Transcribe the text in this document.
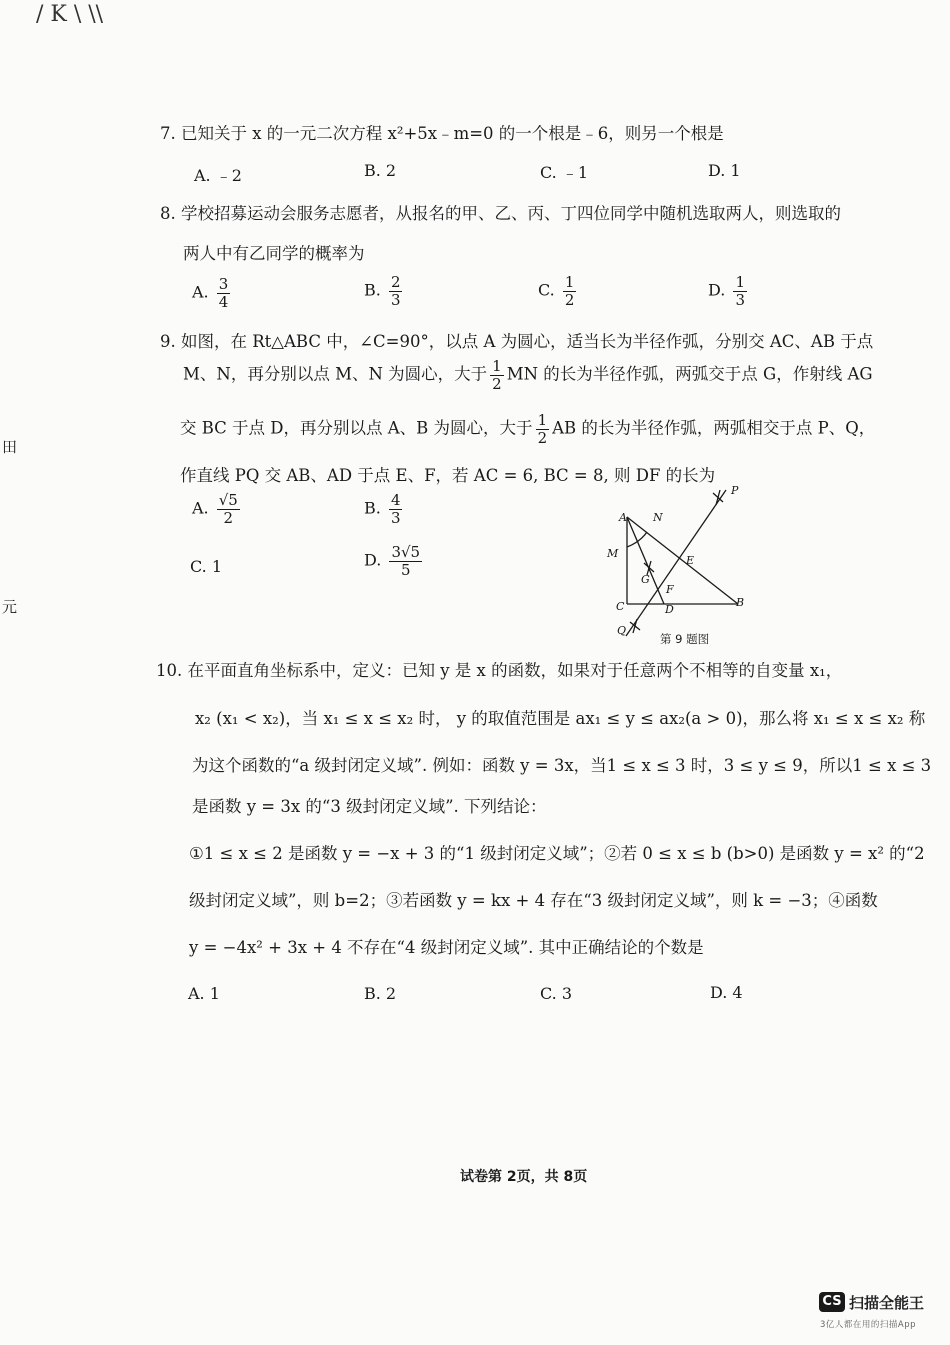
/ K \ \\
田
元
7. 已知关于 x 的一元二次方程 x²+5x﹣m=0 的一个根是﹣6，则另一个根是
A. ﹣2	B. 2	C. ﹣1	D. 1
8. 学校招募运动会服务志愿者，从报名的甲、乙、丙、丁四位同学中随机选取两人，则选取的
两人中有乙同学的概率为
A. $\frac{3}{4}$	B. $\frac{2}{3}$	C. $\frac{1}{2}$	D. $\frac{1}{3}$
9. 如图，在 Rt△ABC 中，∠C=90°，以点 A 为圆心，适当长为半径作弧，分别交 AC、AB 于点
M、N，再分别以点 M、N 为圆心，大于 $\frac{1}{2}$ MN 的长为半径作弧，两弧交于点 G，作射线 AG
交 BC 于点 D，再分别以点 A、B 为圆心，大于 $\frac{1}{2}$ AB 的长为半径作弧，两弧相交于点 P、Q，
作直线 PQ 交 AB、AD 于点 E、F，若 AC = 6, BC = 8, 则 DF 的长为
A. $\frac{√5}{2}$	B. $\frac{4}{3}$
C. 1	D. $\frac{3√5}{5}$
A N
M
G
E
F
C	D
B
P
Q
第 9 题图
10. 在平面直角坐标系中，定义：已知 y 是 x 的函数，如果对于任意两个不相等的自变量 x₁，
x₂ (x₁ < x₂)，当 x₁ ≤ x ≤ x₂ 时， y 的取值范围是 ax₁ ≤ y ≤ ax₂(a > 0)，那么将 x₁ ≤ x ≤ x₂ 称
为这个函数的“a 级封闭定义域”. 例如：函数 y = 3x，当1 ≤ x ≤ 3 时，3 ≤ y ≤ 9，所以1 ≤ x ≤ 3
是函数 y = 3x 的“3 级封闭定义域”. 下列结论：
①1 ≤ x ≤ 2 是函数 y = −x + 3 的“1 级封闭定义域”；②若 0 ≤ x ≤ b (b>0) 是函数 y = x² 的“2
级封闭定义域”，则 b=2；③若函数 y = kx + 4 存在“3 级封闭定义域”，则 k = −3；④函数
y = −4x² + 3x + 4 不存在“4 级封闭定义域”. 其中正确结论的个数是
A. 1	B. 2	C. 3	D. 4
试卷第 2页，共 8页
CS 扫描全能王
3亿人都在用的扫描App
